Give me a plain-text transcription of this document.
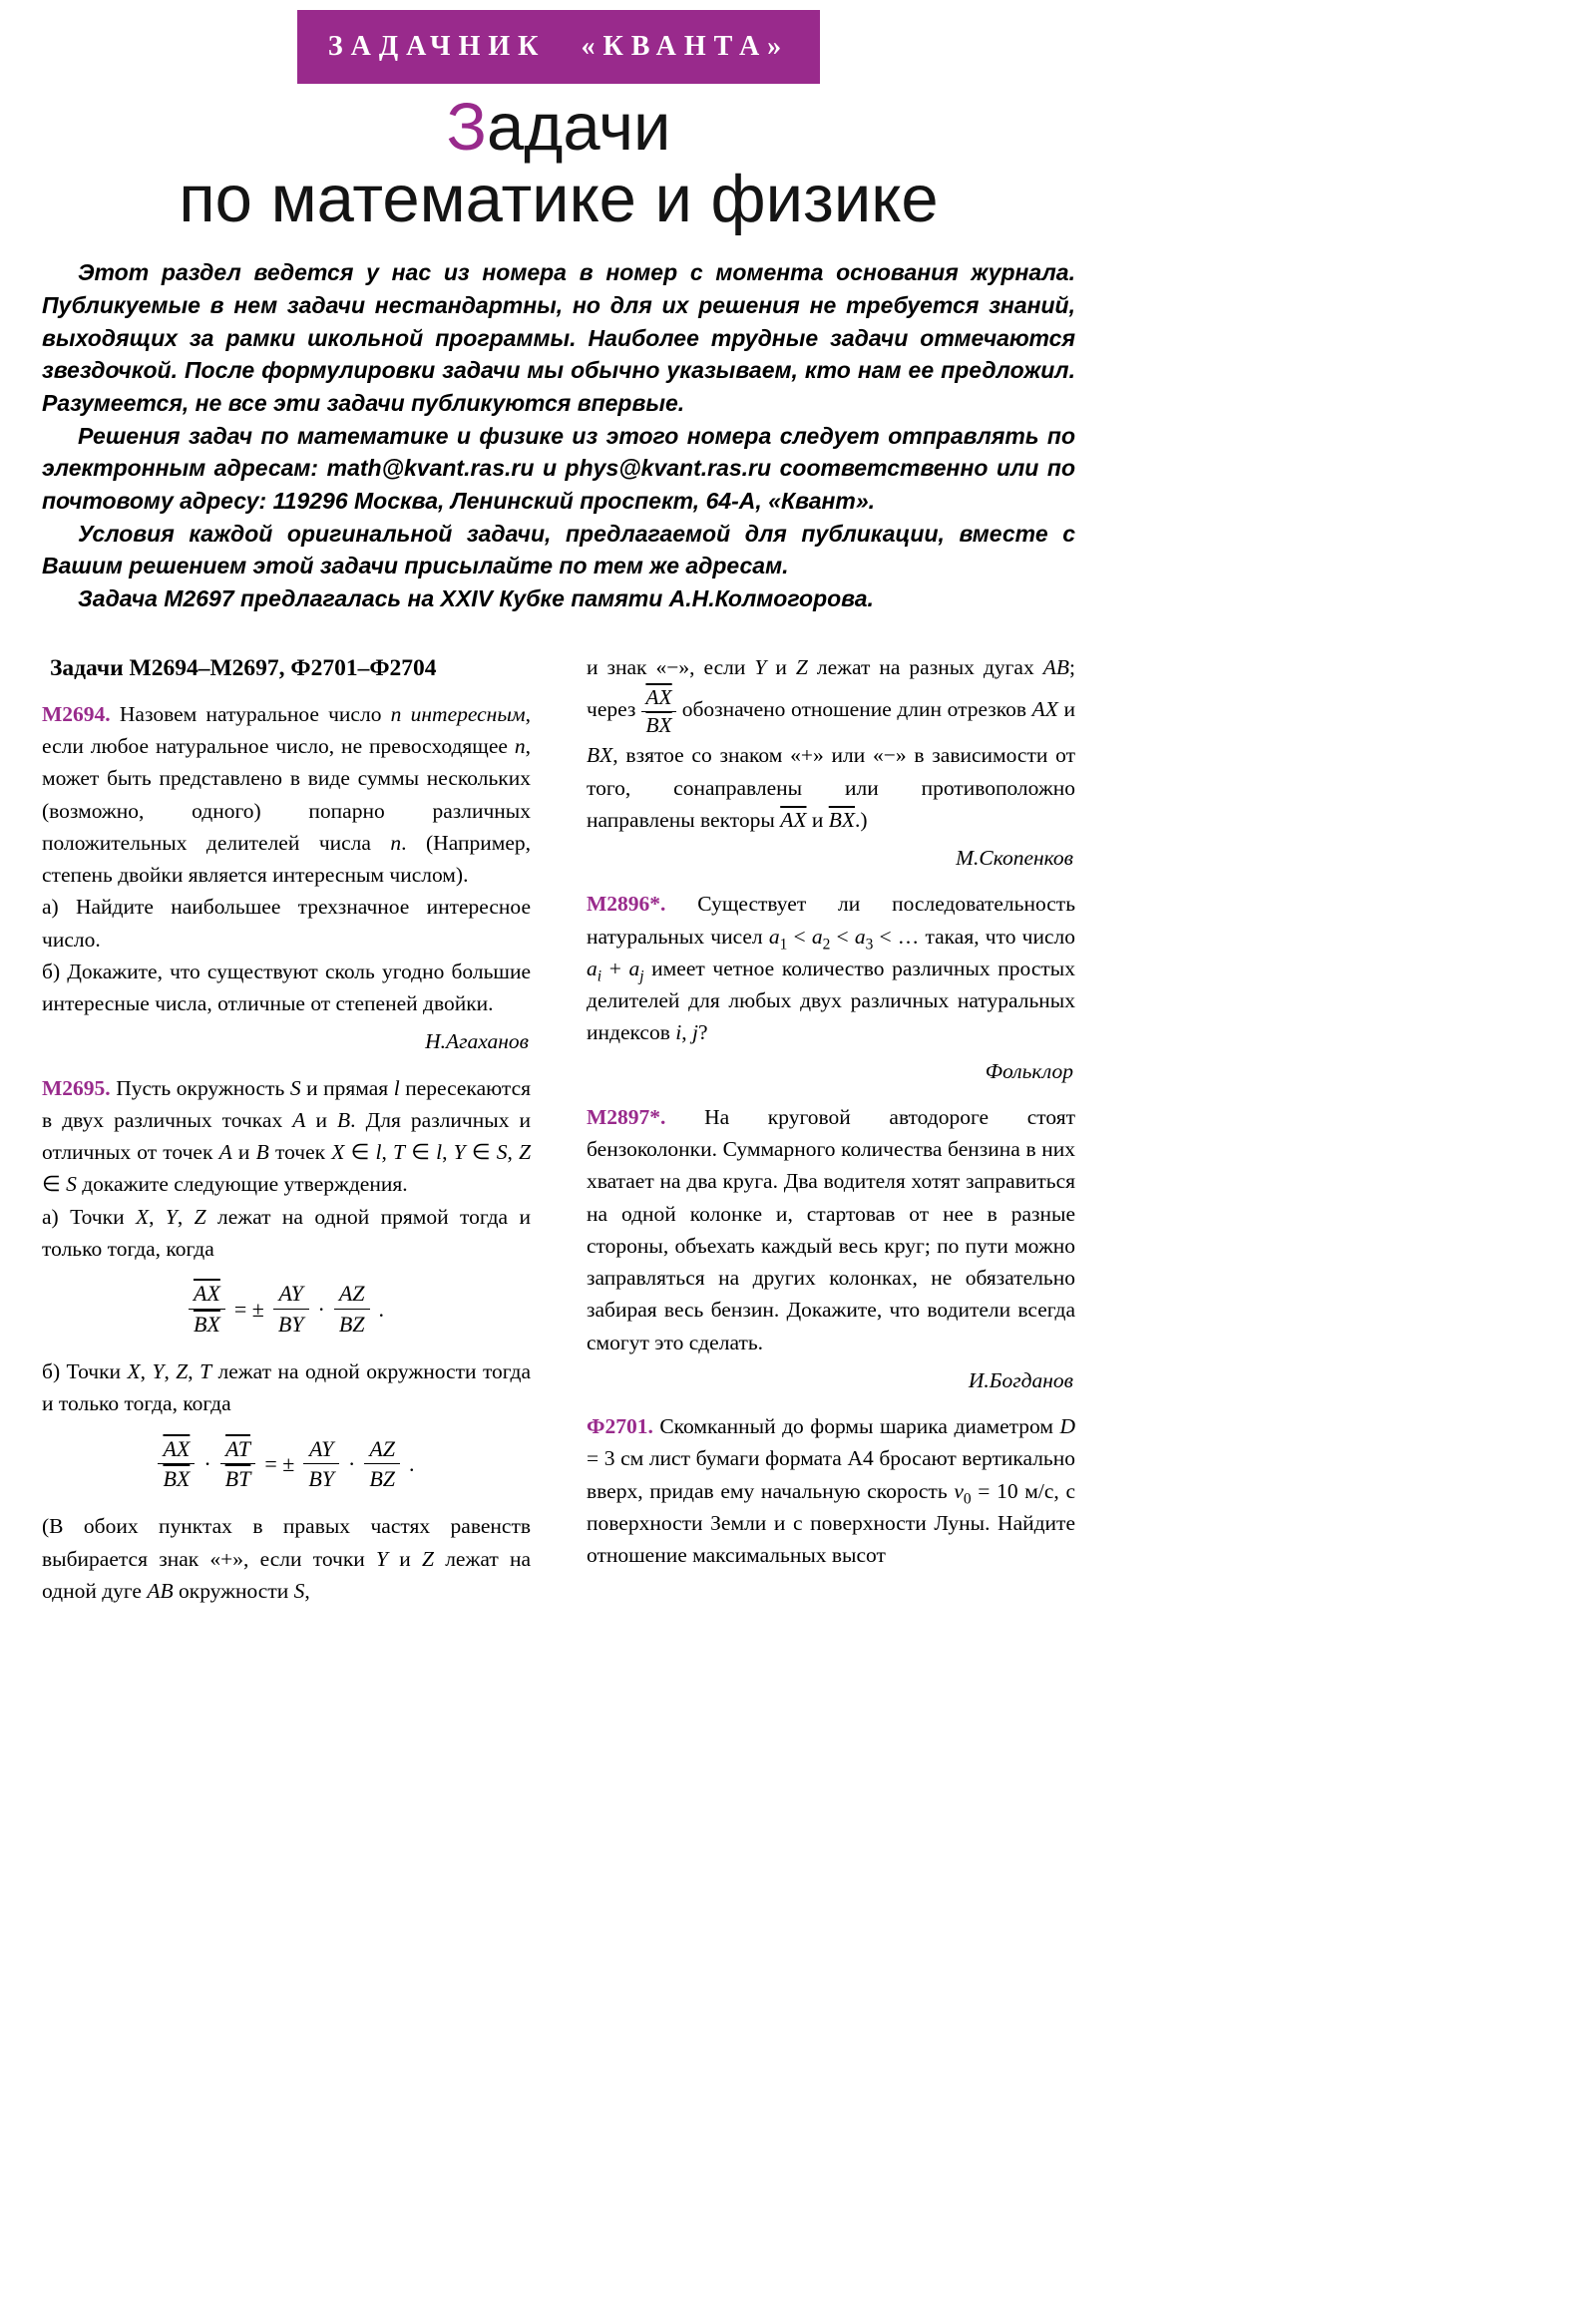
ЗАДАЧНИК «КВАНТА»
Задачи
по математике и физике

Этот раздел ведется у нас из номера в номер с момента основания журнала. Публикуемые в нем задачи нестандартны, но для их решения не требуется знаний, выходящих за рамки школьной программы. Наиболее трудные задачи отмечаются звездочкой. После формулировки задачи мы обычно указываем, кто нам ее предложил. Разумеется, не все эти задачи публикуются впервые.

Решения задач по математике и физике из этого номера следует отправлять по электронным адресам: math@kvant.ras.ru и phys@kvant.ras.ru соответственно или по почтовому адресу: 119296 Москва, Ленинский проспект, 64-А, «Квант».

Условия каждой оригинальной задачи, предлагаемой для публикации, вместе с Вашим решением этой задачи присылайте по тем же адресам.

Задача М2697 предлагалась на XXIV Кубке памяти А.Н.Колмогорова.

Задачи М2694–М2697, Ф2701–Ф2704

М2694. Назовем натуральное число n интересным, если любое натуральное число, не превосходящее n, может быть представлено в виде суммы нескольких (возможно, одного) попарно различных положительных делителей числа n. (Например, степень двойки является интересным числом).

а) Найдите наибольшее трехзначное интересное число.

б) Докажите, что существуют сколь угодно большие интересные числа, отличные от степеней двойки.

Н.Агаханов

М2695. Пусть окружность S и прямая l пересекаются в двух различных точках A и B. Для различных и отличных от точек A и B точек X ∈ l, T ∈ l, Y ∈ S, Z ∈ S докажите следующие утверждения.

а) Точки X, Y, Z лежат на одной прямой тогда и только тогда, когда

$\frac{\overline{AX}}{BX}$ = ± $\frac{AY}{BY} \cdot \frac{AZ}{BZ}$ .

б) Точки X, Y, Z, T лежат на одной окружности тогда и только тогда, когда

$\frac{\overline{AX}}{BX} \cdot \frac{\overline{AT}}{BT}$ = ± $\frac{AY}{BY} \cdot \frac{AZ}{BZ}$ .

(В обоих пунктах в правых частях равенств выбирается знак «+», если точки Y и Z лежат на одной дуге AB окружности S,

и знак «−», если Y и Z лежат на разных дугах AB; через $\frac{\overline{AX}}{BX}$ обозначено отношение длин отрезков AX и BX, взятое со знаком «+» или «−» в зависимости от того, сонаправлены или противоположно направлены векторы $\overline{AX}$ и $\overline{BX}$.)

М.Скопенков

М2896*. Существует ли последовательность натуральных чисел $a_1 < a_2 < a_3$ < … такая, что число $a_i + a_j$ имеет четное количество различных простых делителей для любых двух различных натуральных индексов i, j?

Фольклор

М2897*. На круговой автодороге стоят бензоколонки. Суммарного количества бензина в них хватает на два круга. Два водителя хотят заправиться на одной колонке и, стартовав от нее в разные стороны, объехать каждый весь круг; по пути можно заправляться на других колонках, не обязательно забирая весь бензин. Докажите, что водители всегда смогут это сделать.

И.Богданов

Ф2701. Скомканный до формы шарика диаметром D = 3 см лист бумаги формата А4 бросают вертикально вверх, придав ему начальную скорость $v_0 = 10$ м/с, с поверхности Земли и с поверхности Луны. Найдите отношение максимальных высот
